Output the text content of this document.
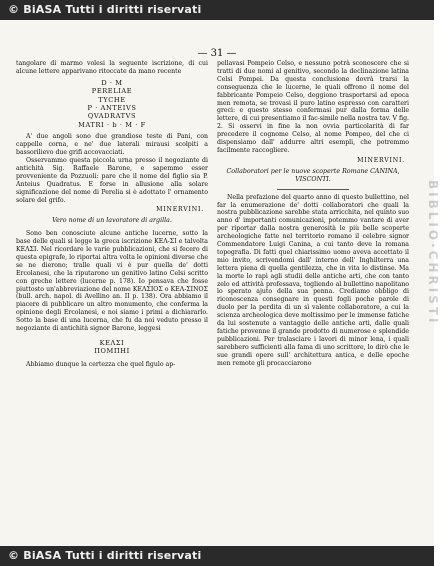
© BiASA Tutti i diritti riservati
— 31 —

tangolare di marmo volesi la seguente iscrizione, di cui alcune lettere apparivano ritoccate da mano recente

D · M
PERELIAE
TYCHE
P · ANTEIVS
QVADRATVS
MATRI · b · M · F

A' due angoli sono due grandiose teste di Pani, con cappelle corna, e ne' due laterali mirausi scolpiti a bassorilievo due grifi accovacciati.

Osservammo questa piccola urna presso il negoziante di antichità Sig. Raffaele Barone, e sapemmo esser provveniente da Pozzuoli: pare che il nome del figlio sia P. Anteius Quadratus. E forse in allusione alla solare significazione del nome di Perelia si è adottato l' ornamento solare del grifo.

MINERVINI.
Vero nome di un lavoratore di argilla.

Sono ben conosciute alcune antiche lucerne, sotto la base delle quali si legge la greca iscrizione ΚΕΛ-ΣΙ e talvolta ΚΕΛΣΙ. Nel ricordare le varie pubblicazioni, che si fecero di questa epigrafe, lo riportai altra volta le opinioni diverse che se ne dierono; tralle quali vi è pur quella de' dotti Ercolanesi, che la riputarono un genitivo latino Celsi scritto con greche lettere (lucerne p. 178). Io pensava che fosse piuttosto un'abbreviazione del nome ΚΕΛΣΙΟΣ o ΚΕΛ-ΣΙΝΟΣ (bull. arch. napol. di Avellino an. II p. 138). Ora abbiamo il piacere di pubblicare un altro monumento, che conferma la opinione degli Ercolanesi, e noi siamo i primi a dichiararlo. Sotto la base di una lucerna, che fu da noi veduto presso il negoziante di antichità signor Barone, leggesi

ΚΕΛΣΙ
ΠΟΜΠΗΙ

Abbiamo dunque la certezza che quel figulo ap-

pellavasi Pompeio Celso, e nessuno potrà sconoscere che si tratti di due nomi al genitivo, secondo la declinazione latina Celsi Pompei. Da questa conclusione dovrà trarsi la conseguenza che le lucerne, le quali offrono il nome del fabbricante Pompeio Celso, deggiono trasportarsi ad epoca men remota, se trovasi il puro latino espresso con caratteri greci: e questo stesso confermasi pur dalla forma delle lettere, di cui presentiamo il fac-simile nella nostra tav. V fig. 2. Si osservi in fine la non ovvia particolarità di far precedere il cognome Celso, al nome Pompeo, del che ci dispensiamo dall' addurre altri esempli, che potremmo facilmente raccogliere.

MINERVINI.
Collaboratori per le nuove scoperte Romane CANINA, VISCONTI.

Nella prefazione del quarto anno di questo bullettino, nel far la enumerazione de' dotti collaboratori che quali la nostra pubblicazione sarebbe stata arricchita, nel quinto suo anno d' importanti comunicazioni, potemmo vantare di aver per riportar dalla nostra generosità le più belle scoperte archeologiche fatte nel territorio romano il celebre signor Commendatore Luigi Canina, a cui tanto deve la romana topografia. Di fatti quel chiarissimo uomo aveva accettato il mio invito, scrivendomi dall' interno dell' Inghilterra una lettera piena di quella gentilezza, che in vita lo distinse. Ma la morte lo rapì agli studii delle antiche arti, che con tanto zelo ed attività professava, togliendo al bullettino napolitano lo sperato ajuto della sua penna. Crediamo obbligo di riconoscenza consegnare in questi fogli poche parole di duolo per la perdita di un sì valente collaboratore, a cui la scienza archeologica deve moltissimo per le immense fatiche da lui sostenute a vantaggio delle antiche arti, dalle quali fatiche provenne il grande prodotto di numerose e splendide pubblicazioni. Per tralasciare i lavori di minor lena, i quali sarebbero sufficienti alla fama di uno scrittore, lo dirò che le sue grandi opere sull' architettura antica, e delle epoche men remote gli procacciarono

BIBLIO·CHRISTI
© BiASA Tutti i diritti riservati
